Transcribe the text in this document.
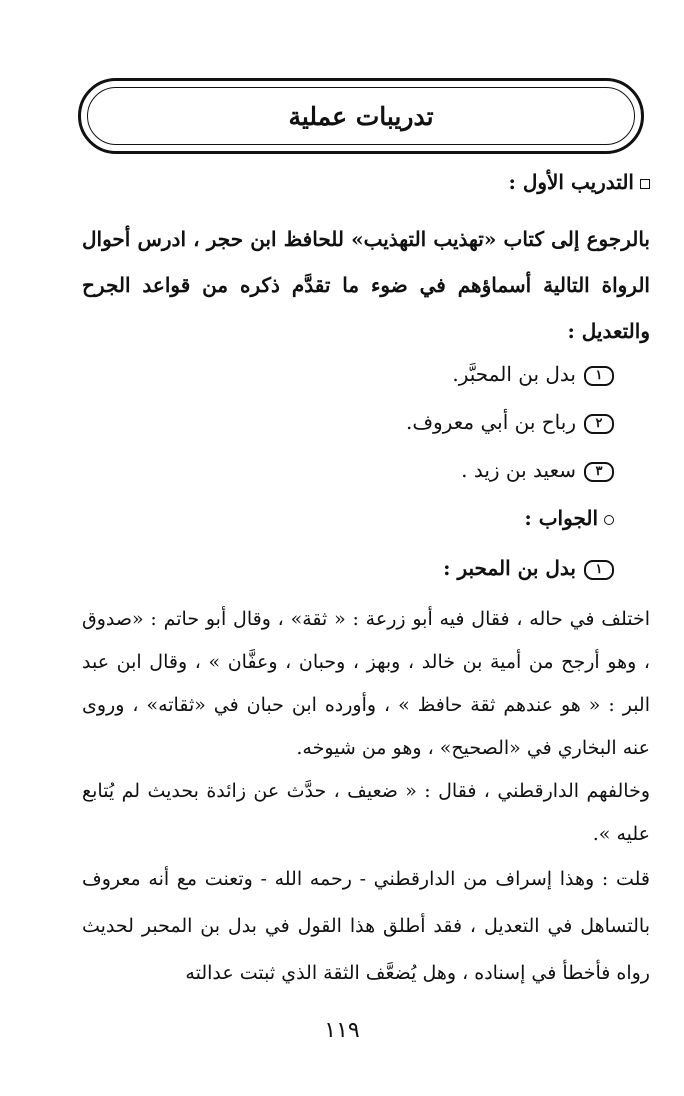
تدريبات عملية
التدريب الأول :
بالرجوع إلى كتاب «تهذيب التهذيب» للحافظ ابن حجر ، ادرس أحوال الرواة التالية أسماؤهم في ضوء ما تقدَّم ذكره من قواعد الجرح والتعديل :
١بدل بن المحبَّر.
٢رباح بن أبي معروف.
٣سعيد بن زيد .
الجواب :
١بدل بن المحبر :
اختلف في حاله ، فقال فيه أبو زرعة : « ثقة» ، وقال أبو حاتم : «صدوق ، وهو أرجح من أمية بن خالد ، وبهز ، وحبان ، وعفَّان » ، وقال ابن عبد البر : « هو عندهم ثقة حافظ » ، وأورده ابن حبان في «ثقاته» ، وروى عنه البخاري في «الصحيح» ، وهو من شيوخه.
وخالفهم الدارقطني ، فقال : « ضعيف ، حدَّث عن زائدة بحديث لم يُتابع عليه ».
قلت : وهذا إسراف من الدارقطني - رحمه الله - وتعنت مع أنه معروف بالتساهل في التعديل ، فقد أطلق هذا القول في بدل بن المحبر لحديث رواه فأخطأ في إسناده ، وهل يُضعَّف الثقة الذي ثبتت عدالته
١١٩
